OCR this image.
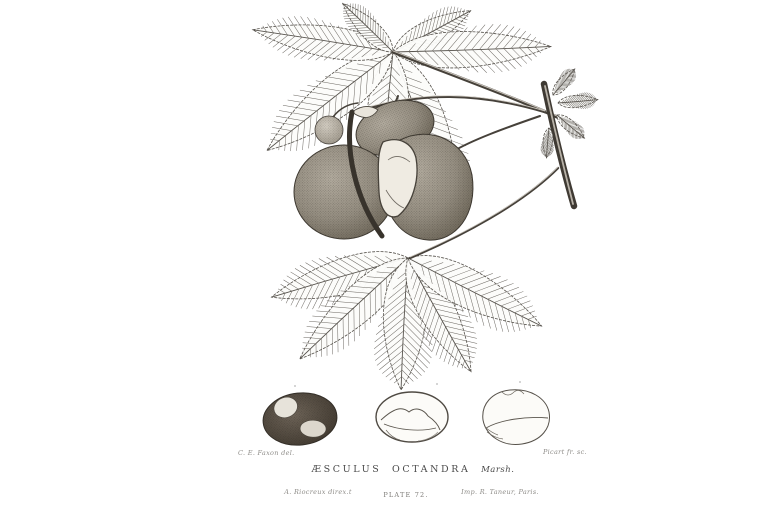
C. E. Faxon del.	Picart fr. sc.
ÆSCULUS OCTANDRA Marsh.
A. Riocreux direx.t	PLATE 72.	Imp. R. Taneur, Paris.
